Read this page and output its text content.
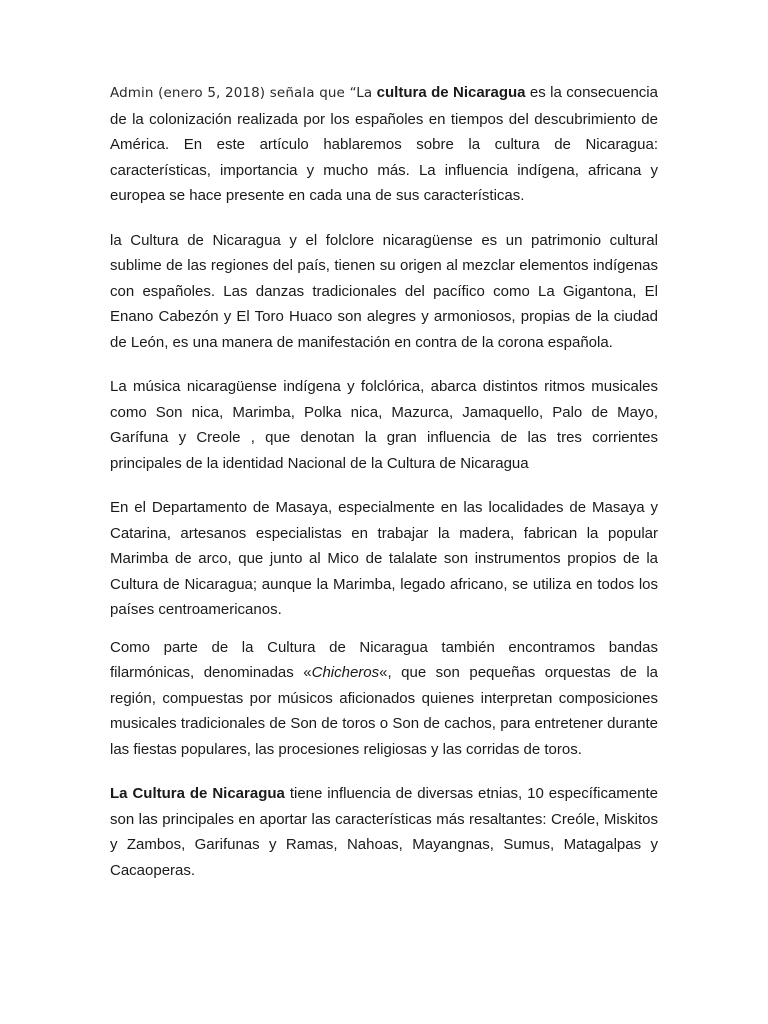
Admin (enero 5, 2018) señala que “La cultura de Nicaragua es la consecuencia de la colonización realizada por los españoles en tiempos del descubrimiento de América. En este artículo hablaremos sobre la cultura de Nicaragua: características, importancia y mucho más. La influencia indígena, africana y europea se hace presente en cada una de sus características.

la Cultura de Nicaragua y el folclore nicaragüense es un patrimonio cultural sublime de las regiones del país, tienen su origen al mezclar elementos indígenas con españoles. Las danzas tradicionales del pacífico como La Gigantona, El Enano Cabezón y El Toro Huaco son alegres y armoniosos, propias de la ciudad de León, es una manera de manifestación en contra de la corona española.

La música nicaragüense indígena y folclórica, abarca distintos ritmos musicales como Son nica, Marimba, Polka nica, Mazurca, Jamaquello, Palo de Mayo, Garífuna y Creole , que denotan la gran influencia de las tres corrientes principales de la identidad Nacional de la Cultura de Nicaragua

En el Departamento de Masaya, especialmente en las localidades de Masaya y Catarina, artesanos especialistas en trabajar la madera, fabrican la popular Marimba de arco, que junto al Mico de talalate son instrumentos propios de la Cultura de Nicaragua; aunque la Marimba, legado africano, se utiliza en todos los países centroamericanos.

Como parte de la Cultura de Nicaragua también encontramos bandas filarmónicas, denominadas «Chicheros«, que son pequeñas orquestas de la región, compuestas por músicos aficionados quienes interpretan composiciones musicales tradicionales de Son de toros o Son de cachos, para entretener durante las fiestas populares, las procesiones religiosas y las corridas de toros.

La Cultura de Nicaragua tiene influencia de diversas etnias, 10 específicamente son las principales en aportar las características más resaltantes: Creóle, Miskitos y Zambos, Garifunas y Ramas, Nahoas, Mayangnas, Sumus, Matagalpas y Cacaoperas.
